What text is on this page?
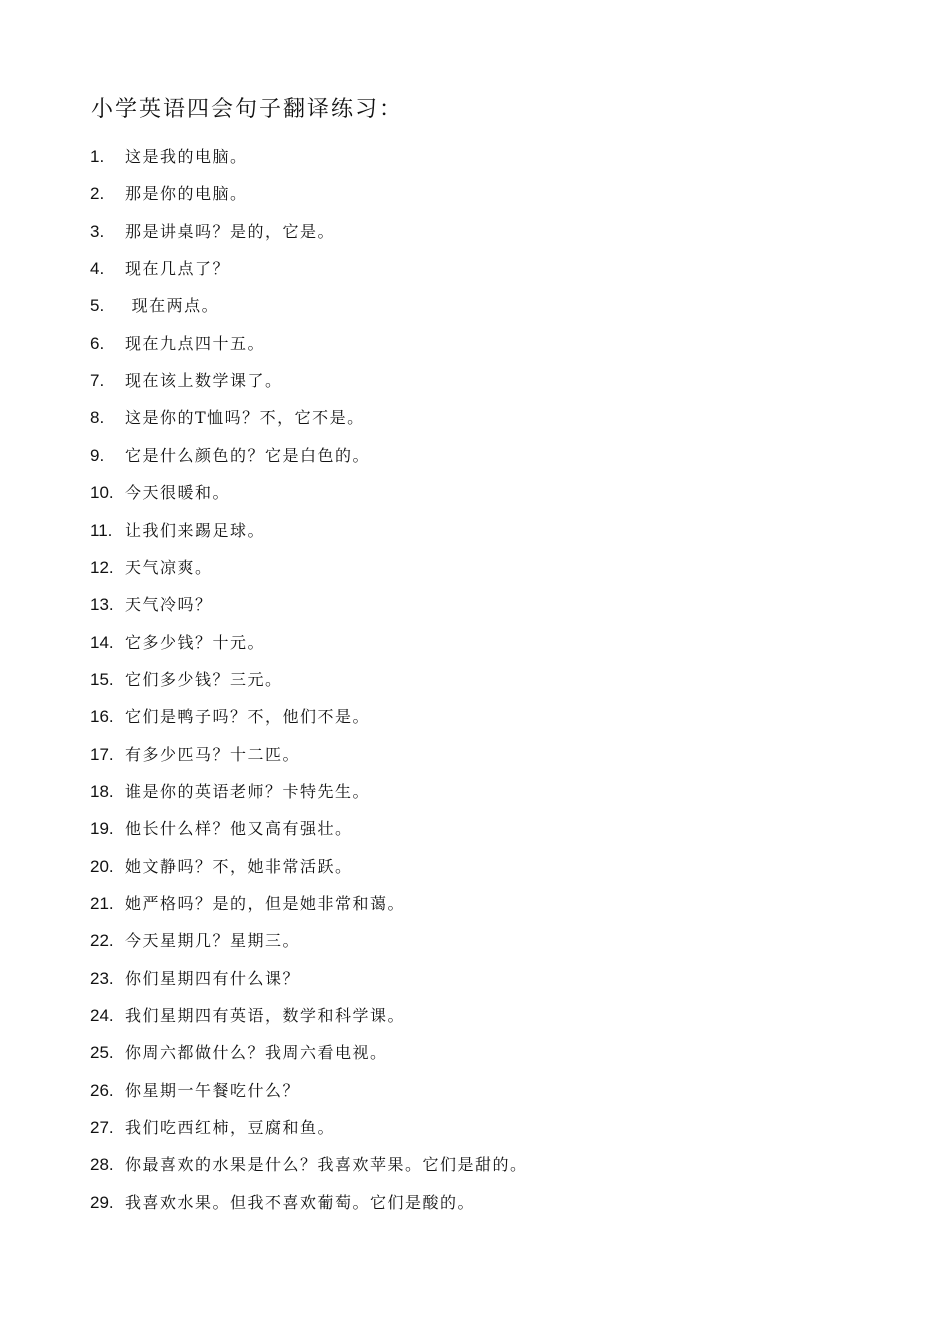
小学英语四会句子翻译练习：
1. 这是我的电脑。
2. 那是你的电脑。
3. 那是讲桌吗？是的，它是。
4. 现在几点了？
5. 现在两点。
6. 现在九点四十五。
7. 现在该上数学课了。
8. 这是你的T恤吗？不，它不是。
9. 它是什么颜色的？它是白色的。
10. 今天很暖和。
11. 让我们来踢足球。
12. 天气凉爽。
13. 天气冷吗？
14. 它多少钱？十元。
15. 它们多少钱？三元。
16. 它们是鸭子吗？不，他们不是。
17. 有多少匹马？十二匹。
18. 谁是你的英语老师？卡特先生。
19. 他长什么样？他又高有强壮。
20. 她文静吗？不，她非常活跃。
21. 她严格吗？是的，但是她非常和蔼。
22. 今天星期几？星期三。
23. 你们星期四有什么课？
24. 我们星期四有英语，数学和科学课。
25. 你周六都做什么？我周六看电视。
26. 你星期一午餐吃什么？
27. 我们吃西红柿，豆腐和鱼。
28. 你最喜欢的水果是什么？我喜欢苹果。它们是甜的。
29. 我喜欢水果。但我不喜欢葡萄。它们是酸的。
